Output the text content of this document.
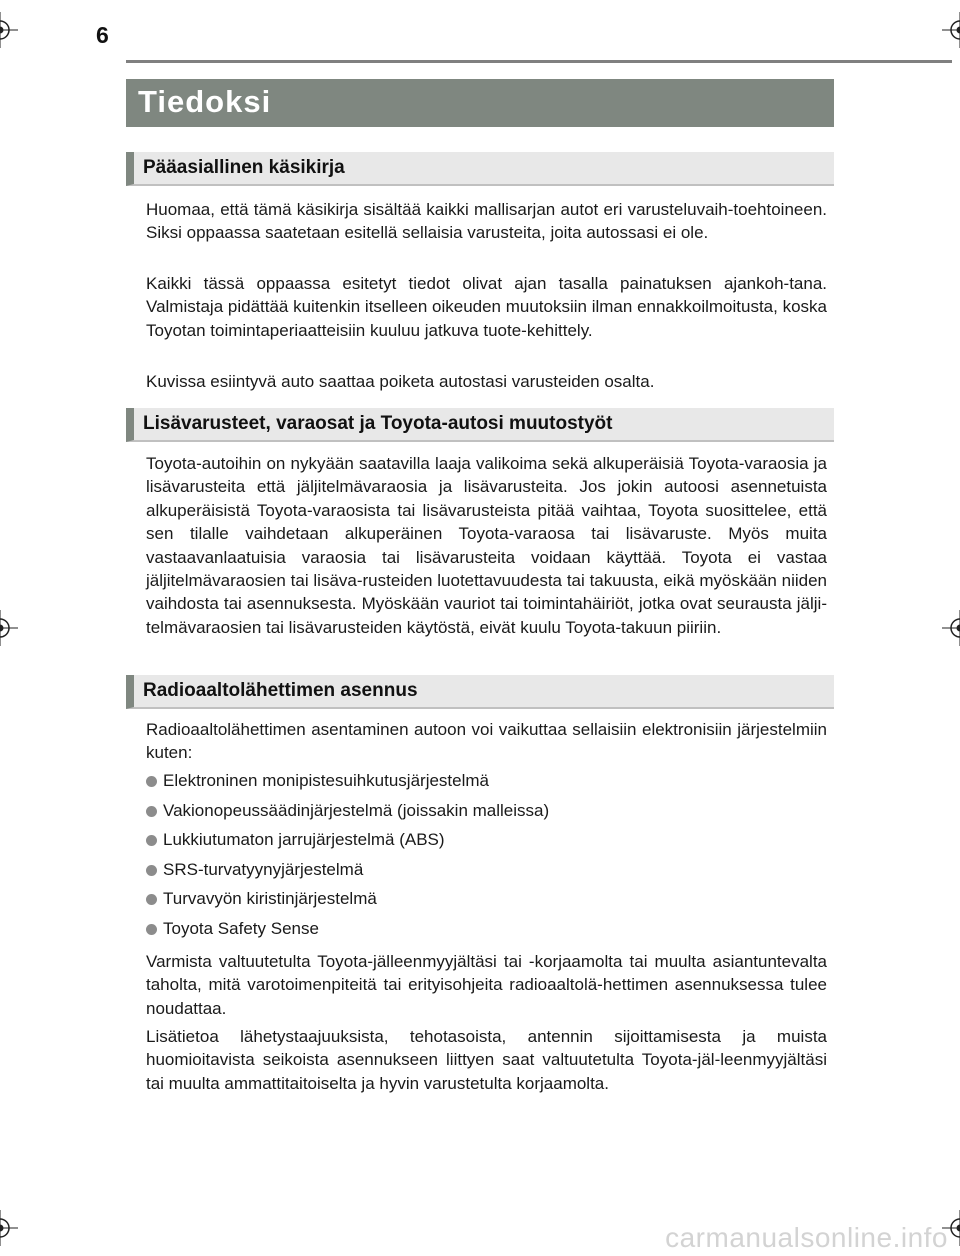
6
Tiedoksi
Pääasiallinen käsikirja

Huomaa, että tämä käsikirja sisältää kaikki mallisarjan autot eri varusteluvaih-toehtoineen. Siksi oppaassa saatetaan esitellä sellaisia varusteita, joita autossasi ei ole.

Kaikki tässä oppaassa esitetyt tiedot olivat ajan tasalla painatuksen ajankoh-tana. Valmistaja pidättää kuitenkin itselleen oikeuden muutoksiin ilman ennakkoilmoitusta, koska Toyotan toimintaperiaatteisiin kuuluu jatkuva tuote-kehittely.

Kuvissa esiintyvä auto saattaa poiketa autostasi varusteiden osalta.

Lisävarusteet, varaosat ja Toyota-autosi muutostyöt

Toyota-autoihin on nykyään saatavilla laaja valikoima sekä alkuperäisiä Toyota-varaosia ja lisävarusteita että jäljitelmävaraosia ja lisävarusteita. Jos jokin autoosi asennetuista alkuperäisistä Toyota-varaosista tai lisävarusteista pitää vaihtaa, Toyota suosittelee, että sen tilalle vaihdetaan alkuperäinen Toyota-varaosa tai lisävaruste. Myös muita vastaavanlaatuisia varaosia tai lisävarusteita voidaan käyttää. Toyota ei vastaa jäljitelmävaraosien tai lisäva-rusteiden luotettavuudesta tai takuusta, eikä myöskään niiden vaihdosta tai asennuksesta. Myöskään vauriot tai toimintahäiriöt, jotka ovat seurausta jälji-telmävaraosien tai lisävarusteiden käytöstä, eivät kuulu Toyota-takuun piiriin.

Radioaaltolähettimen asennus

Radioaaltolähettimen asentaminen autoon voi vaikuttaa sellaisiin elektronisiin järjestelmiin kuten:

Elektroninen monipistesuihkutusjärjestelmä
Vakionopeussäädinjärjestelmä (joissakin malleissa)
Lukkiutumaton jarrujärjestelmä (ABS)
SRS-turvatyynyjärjestelmä
Turvavyön kiristinjärjestelmä
Toyota Safety Sense

Varmista valtuutetulta Toyota-jälleenmyyjältäsi tai -korjaamolta tai muulta asiantuntevalta taholta, mitä varotoimenpiteitä tai erityisohjeita radioaaltolä-hettimen asennuksessa tulee noudattaa.

Lisätietoa lähetystaajuuksista, tehotasoista, antennin sijoittamisesta ja muista huomioitavista seikoista asennukseen liittyen saat valtuutetulta Toyota-jäl-leenmyyjältäsi tai muulta ammattitaitoiselta ja hyvin varustetulta korjaamolta.

carmanualsonline.info
